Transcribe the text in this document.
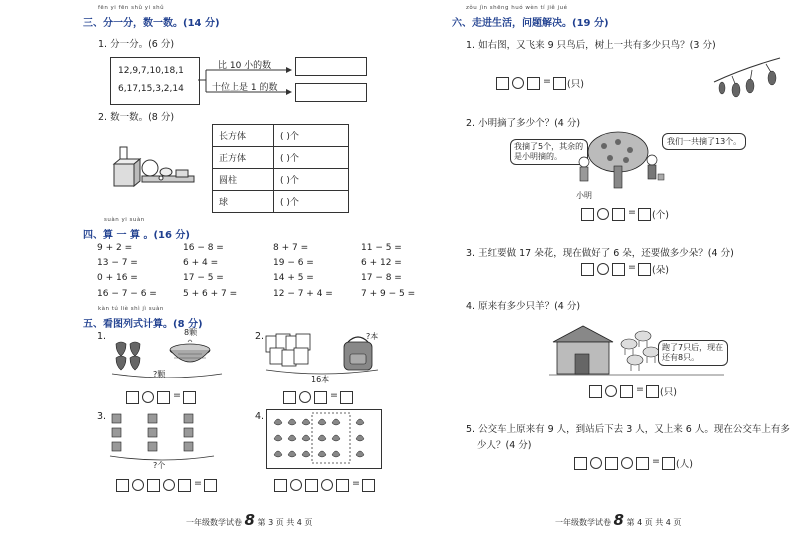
fēn yi fēn shǔ yi shǔ
三、分一分，数一数。(14 分)
1. 分一分。(6 分)
12,9,7,10,18,1
6,17,15,3,2,14
比 10 小的数
十位上是 1 的数
2. 数一数。(8 分)
长方体	( )个
正方体	( )个
圆柱	( )个
球	( )个
suàn yi suàn
四、算 一 算 。(16 分)
9 + 2 =	16 − 8 =	8 + 7 =	11 − 5 =
13 − 7 =	6 + 4 =	19 − 6 =	6 + 12 =
0 + 16 =	17 − 5 =	14 + 5 =	17 − 8 =
16 − 7 − 6 =	5 + 6 + 7 =	12 − 7 + 4 =	7 + 9 − 5 =
kàn tú liè shì jì suàn
五、看图列式计算。(8 分)
1.	8颗
?颗
=
2.	?本
16本
=
3.
?个
=
4.
=
一年级数学试卷 8 第 3 页 共 4 页
zǒu jìn shēng huó wèn tí jiě jué
六、走进生活，问题解决。(19 分)
1. 如右图，又飞来 9 只鸟后，树上一共有多少只鸟？(3 分)
= (只)
2. 小明摘了多少个？(4 分)
我摘了5个，其余的是小明摘的。
我们一共摘了13个。
小明
= (个)
3. 王红要做 17 朵花，现在做好了 6 朵，还要做多少朵？(4 分)
= (朵)
4. 原来有多少只羊？(4 分)
跑了7只后，现在还有8只。
= (只)
5. 公交车上原来有 9 人，到站后下去 3 人，又上来 6 人。现在公交车上有多
少人？(4 分)
= (人)
一年级数学试卷 8 第 4 页 共 4 页
